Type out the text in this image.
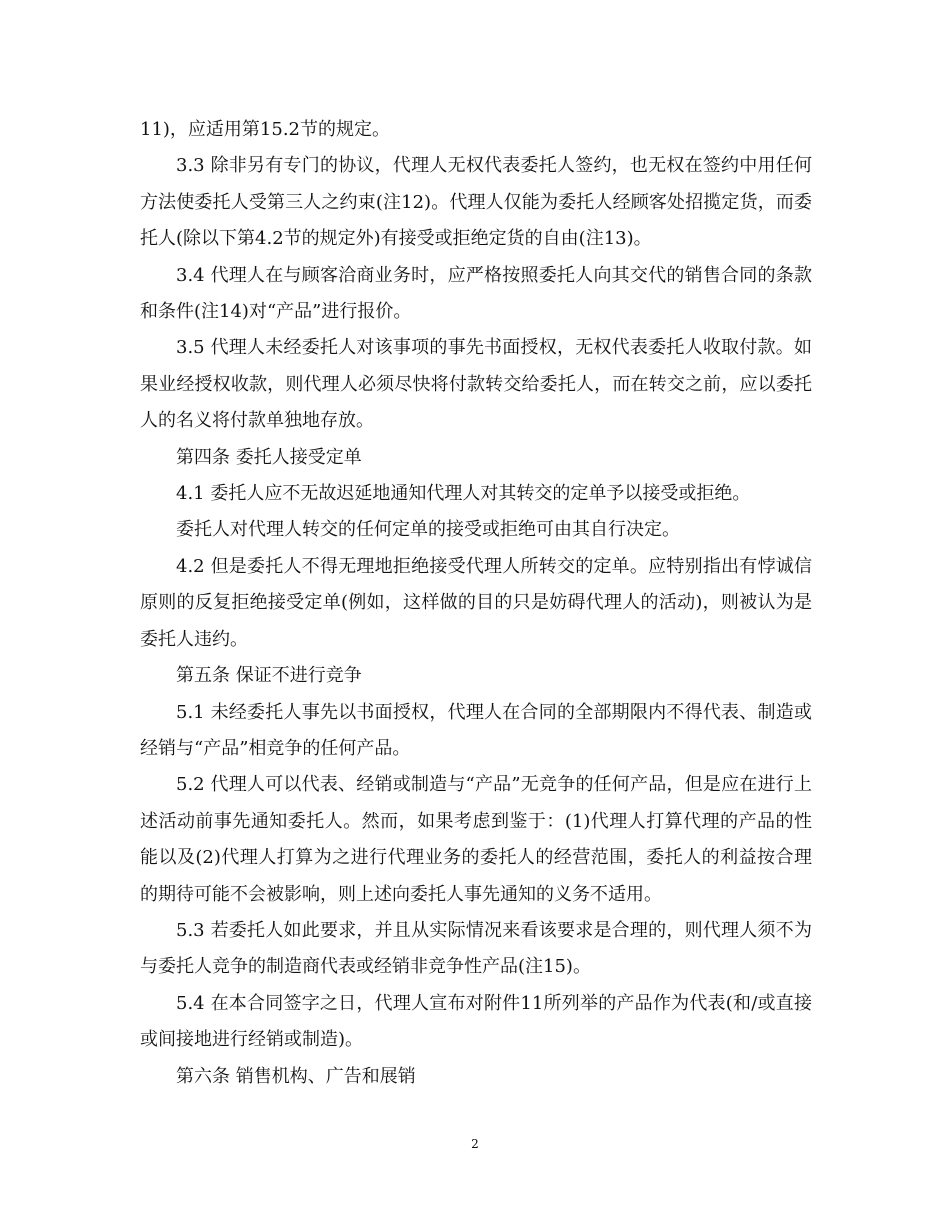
11)，应适用第15.2节的规定。

3.3 除非另有专门的协议，代理人无权代表委托人签约，也无权在签约中用任何方法使委托人受第三人之约束(注12)。代理人仅能为委托人经顾客处招揽定货，而委托人(除以下第4.2节的规定外)有接受或拒绝定货的自由(注13)。

3.4 代理人在与顾客洽商业务时，应严格按照委托人向其交代的销售合同的条款和条件(注14)对“产品”进行报价。

3.5 代理人未经委托人对该事项的事先书面授权，无权代表委托人收取付款。如果业经授权收款，则代理人必须尽快将付款转交给委托人，而在转交之前，应以委托人的名义将付款单独地存放。

第四条 委托人接受定单

4.1 委托人应不无故迟延地通知代理人对其转交的定单予以接受或拒绝。

委托人对代理人转交的任何定单的接受或拒绝可由其自行决定。

4.2 但是委托人不得无理地拒绝接受代理人所转交的定单。应特别指出有悖诚信原则的反复拒绝接受定单(例如，这样做的目的只是妨碍代理人的活动)，则被认为是委托人违约。

第五条 保证不进行竞争

5.1 未经委托人事先以书面授权，代理人在合同的全部期限内不得代表、制造或经销与“产品”相竞争的任何产品。

5.2 代理人可以代表、经销或制造与“产品”无竞争的任何产品，但是应在进行上述活动前事先通知委托人。然而，如果考虑到鉴于：(1)代理人打算代理的产品的性能以及(2)代理人打算为之进行代理业务的委托人的经营范围，委托人的利益按合理的期待可能不会被影响，则上述向委托人事先通知的义务不适用。

5.3 若委托人如此要求，并且从实际情况来看该要求是合理的，则代理人须不为与委托人竞争的制造商代表或经销非竞争性产品(注15)。

5.4 在本合同签字之日，代理人宣布对附件11所列举的产品作为代表(和/或直接或间接地进行经销或制造)。

第六条 销售机构、广告和展销

2
